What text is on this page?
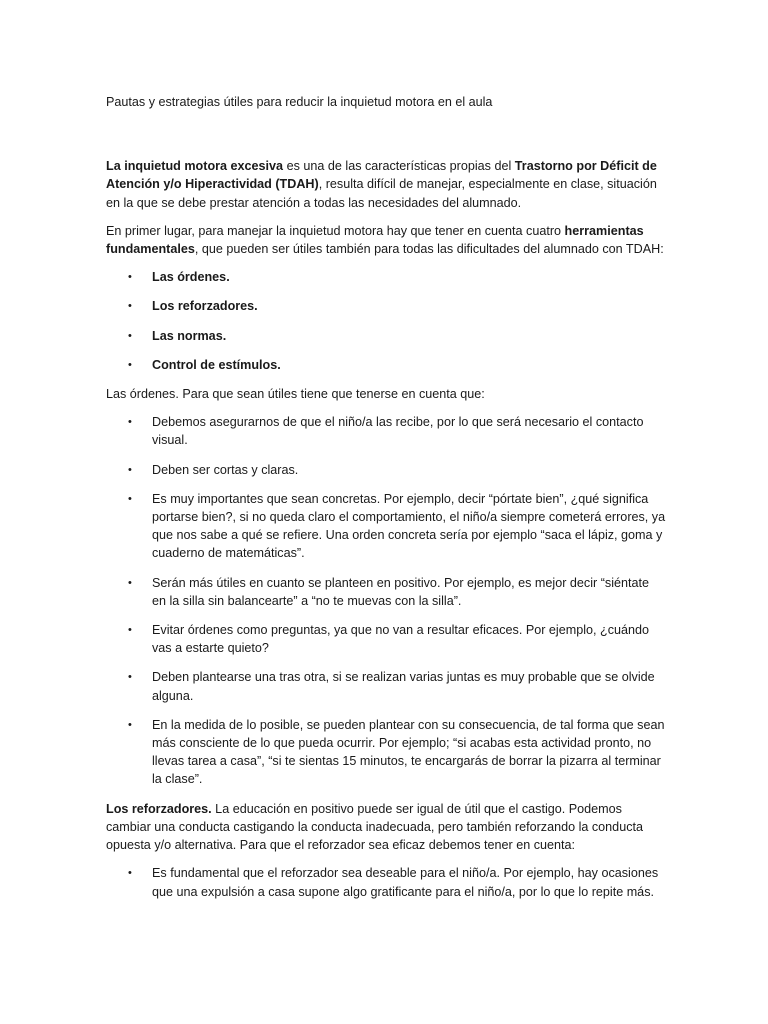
Pautas y estrategias útiles para reducir la inquietud motora en el aula

La inquietud motora excesiva es una de las características propias del Trastorno por Déficit de Atención y/o Hiperactividad (TDAH), resulta difícil de manejar, especialmente en clase, situación en la que se debe prestar atención a todas las necesidades del alumnado.

En primer lugar, para manejar la inquietud motora hay que tener en cuenta cuatro herramientas fundamentales, que pueden ser útiles también para todas las dificultades del alumnado con TDAH:

• Las órdenes.
• Los reforzadores.
• Las normas.
• Control de estímulos.

Las órdenes. Para que sean útiles tiene que tenerse en cuenta que:

• Debemos asegurarnos de que el niño/a las recibe, por lo que será necesario el contacto visual.
• Deben ser cortas y claras.
• Es muy importantes que sean concretas. Por ejemplo, decir “pórtate bien”, ¿qué significa portarse bien?, si no queda claro el comportamiento, el niño/a siempre cometerá errores, ya que nos sabe a qué se refiere. Una orden concreta sería por ejemplo “saca el lápiz, goma y cuaderno de matemáticas”.
• Serán más útiles en cuanto se planteen en positivo. Por ejemplo, es mejor decir “siéntate en la silla sin balancearte” a “no te muevas con la silla”.
• Evitar órdenes como preguntas, ya que no van a resultar eficaces. Por ejemplo, ¿cuándo vas a estarte quieto?
• Deben plantearse una tras otra, si se realizan varias juntas es muy probable que se olvide alguna.
• En la medida de lo posible, se pueden plantear con su consecuencia, de tal forma que sean más consciente de lo que pueda ocurrir. Por ejemplo; “si acabas esta actividad pronto, no llevas tarea a casa”, “si te sientas 15 minutos, te encargarás de borrar la pizarra al terminar la clase”.

Los reforzadores. La educación en positivo puede ser igual de útil que el castigo. Podemos cambiar una conducta castigando la conducta inadecuada, pero también reforzando la conducta opuesta y/o alternativa. Para que el reforzador sea eficaz debemos tener en cuenta:

• Es fundamental que el reforzador sea deseable para el niño/a. Por ejemplo, hay ocasiones que una expulsión a casa supone algo gratificante para el niño/a, por lo que lo repite más.
